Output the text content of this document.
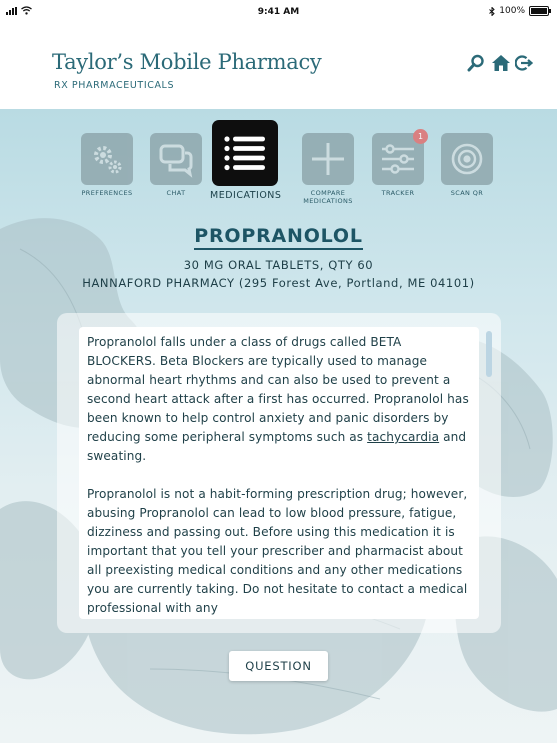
9:41 AM	100%
Taylor’s Mobile Pharmacy
RX PHARMACEUTICALS
PREFERENCES	CHAT	MEDICATIONS	COMPARE MEDICATIONS
1
TRACKER	SCAN QR
PROPRANOLOL
30 MG ORAL TABLETS, QTY 60
HANNAFORD PHARMACY (295 Forest Ave, Portland, ME 04101)

Propranolol falls under a class of drugs called BETA BLOCKERS. Beta Blockers are typically used to manage abnormal heart rhythms and can also be used to prevent a second heart attack after a first has occurred. Propranolol has been known to help control anxiety and panic disorders by reducing some peripheral symptoms such as tachycardia and sweating.

Propranolol is not a habit-forming prescription drug; however, abusing Propranolol can lead to low blood pressure, fatigue, dizziness and passing out. Before using this medication it is important that you tell your prescriber and pharmacist about all preexisting medical conditions and any other medications you are currently taking. Do not hesitate to contact a medical professional with any

QUESTION
